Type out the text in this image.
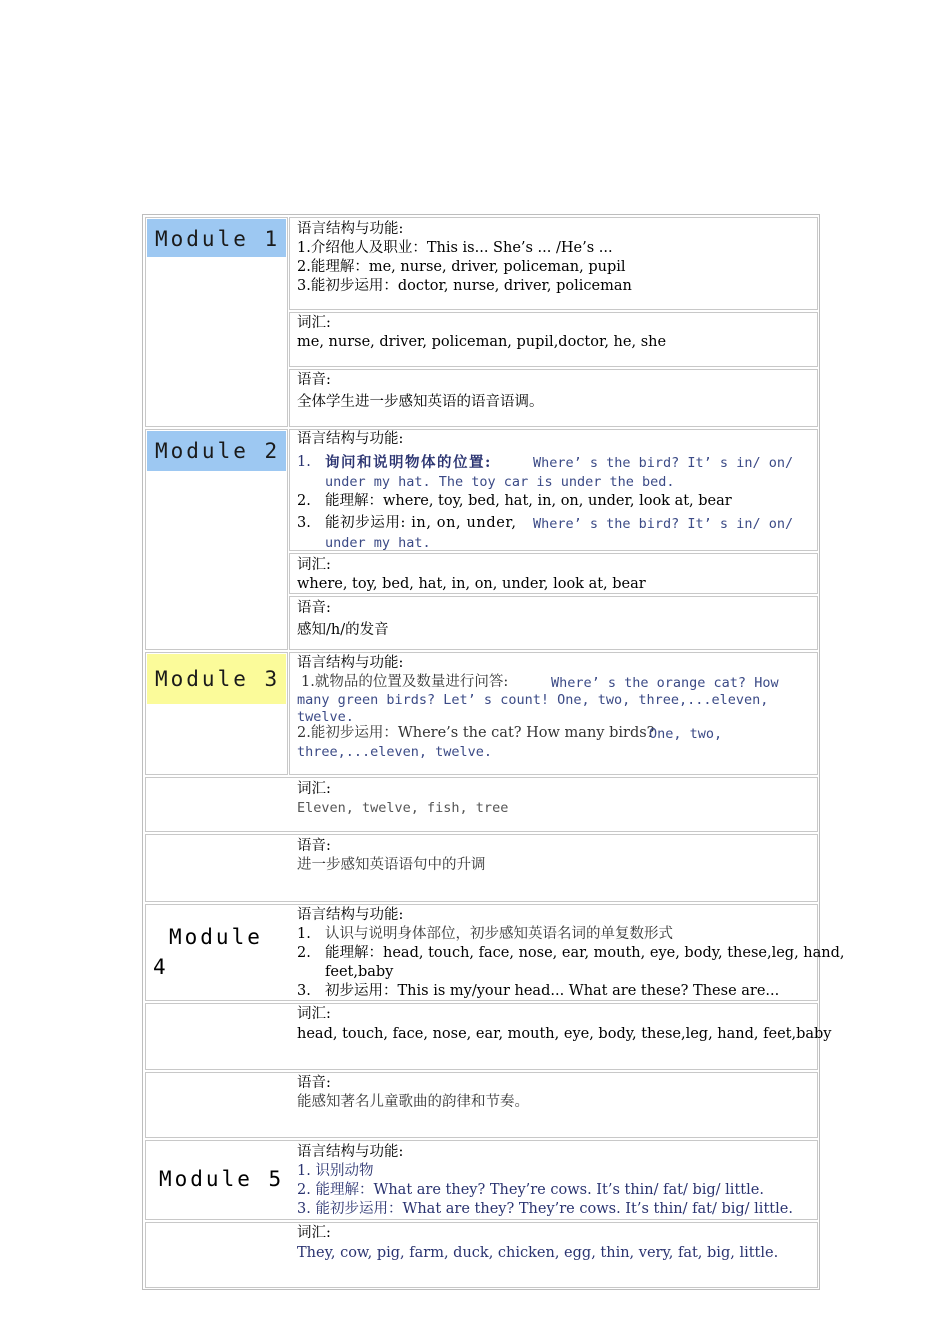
Module 1	语言结构与功能:
1.介绍他人及职业：This is... She’s ... /He’s ...
2.能理解：me, nurse, driver, policeman, pupil
3.能初步运用：doctor, nurse, driver, policeman
词汇:
me, nurse, driver, policeman, pupil,doctor, he, she
语音:
全体学生进一步感知英语的语音语调。
Module 2	语言结构与功能:
1. 询问和说明物体的位置:	Where’ s the bird? It’ s in/ on/
under my hat. The toy car is under the bed.
2. 能理解：where, toy, bed, hat, in, on, under, look at, bear
3. 能初步运用: in, on, under, Where’ s the bird? It’ s in/ on/
under my hat.
词汇:
where, toy, bed, hat, in, on, under, look at, bear
语音:
感知/h/的发音
Module 3
语言结构与功能:
1.就物品的位置及数量进行问答:	Where’ s the orange cat? How
many green birds? Let’ s count! One, two, three,...eleven,
twelve.
2.能初步运用：Where’s the cat? How many birds?
One, two,
three,...eleven, twelve.
词汇:
Eleven, twelve, fish, tree
语音:
进一步感知英语语句中的升调
Module
4
语言结构与功能:
1. 认识与说明身体部位，初步感知英语名词的单复数形式
2. 能理解：head, touch, face, nose, ear, mouth, eye, body, these,leg, hand,
feet,baby
3. 初步运用：This is my/your head... What are these? These are...
词汇:
head, touch, face, nose, ear, mouth, eye, body, these,leg, hand, feet,baby
语音:
能感知著名儿童歌曲的韵律和节奏。
Module 5
语言结构与功能:
1. 识别动物
2. 能理解：What are they? They’re cows. It’s thin/ fat/ big/ little.
3. 能初步运用：What are they? They’re cows. It’s thin/ fat/ big/ little.
词汇:
They, cow, pig, farm, duck, chicken, egg, thin, very, fat, big, little.
